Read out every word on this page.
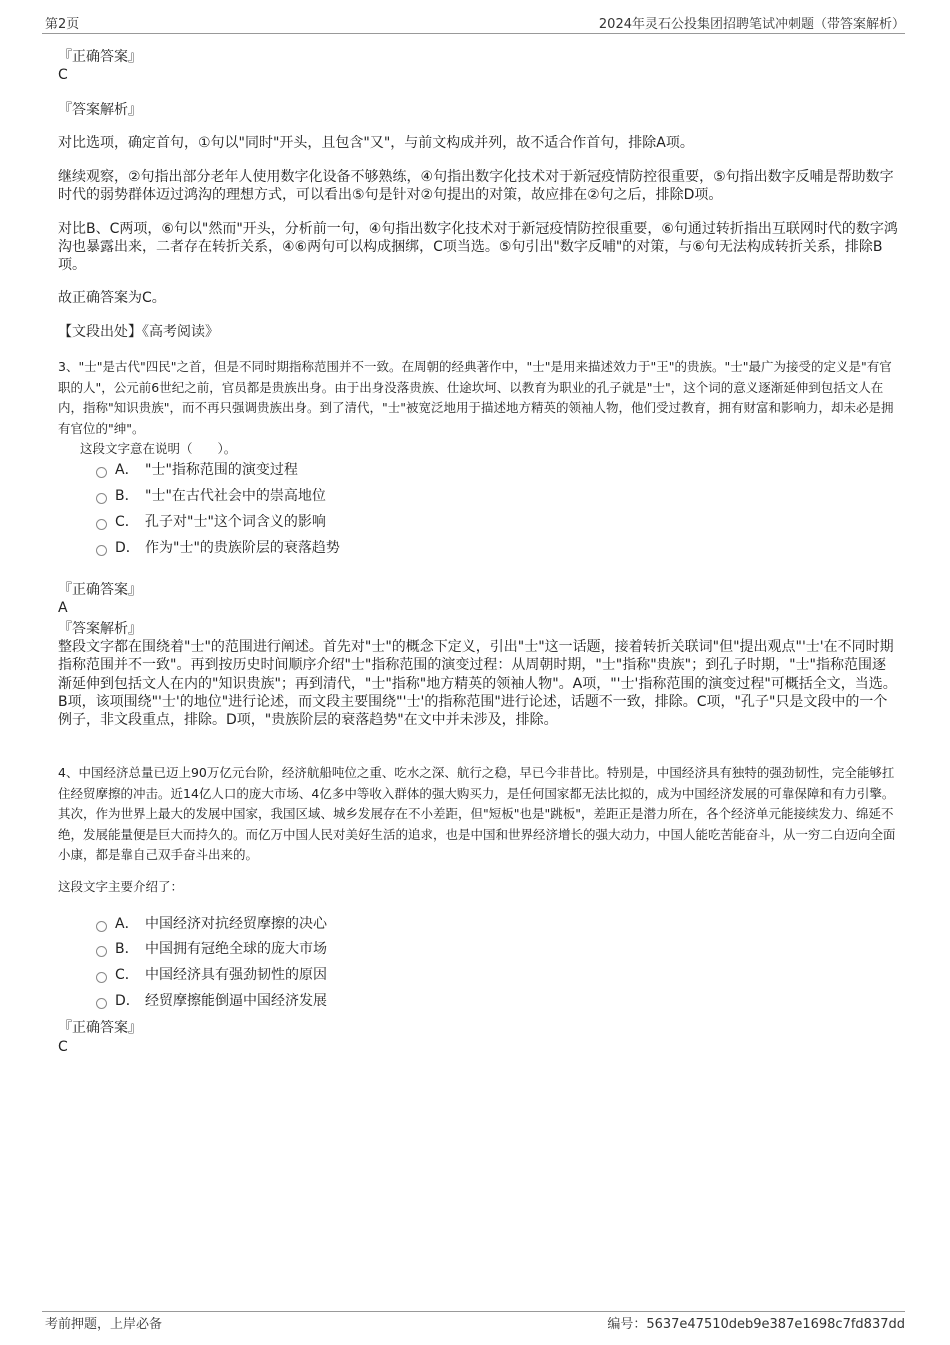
第2页	2024年灵石公投集团招聘笔试冲刺题（带答案解析）
『正确答案』
C
『答案解析』
对比选项，确定首句，①句以"同时"开头，且包含"又"，与前文构成并列，故不适合作首句，排除A项。
继续观察，②句指出部分老年人使用数字化设备不够熟练，④句指出数字化技术对于新冠疫情防控很重要，⑤句指出数字反哺是帮助数字时代的弱势群体迈过鸿沟的理想方式，可以看出⑤句是针对②句提出的对策，故应排在②句之后，排除D项。
对比B、C两项，⑥句以"然而"开头，分析前一句，④句指出数字化技术对于新冠疫情防控很重要，⑥句通过转折指出互联网时代的数字鸿沟也暴露出来，二者存在转折关系，④⑥两句可以构成捆绑，C项当选。⑤句引出"数字反哺"的对策，与⑥句无法构成转折关系，排除B项。
故正确答案为C。
【文段出处】《高考阅读》
3、"士"是古代"四民"之首，但是不同时期指称范围并不一致。在周朝的经典著作中，"士"是用来描述效力于"王"的贵族。"士"最广为接受的定义是"有官职的人"，公元前6世纪之前，官员都是贵族出身。由于出身没落贵族、仕途坎坷、以教育为职业的孔子就是"士"，这个词的意义逐渐延伸到包括文人在内，指称"知识贵族"，而不再只强调贵族出身。到了清代，"士"被宽泛地用于描述地方精英的领袖人物，他们受过教育，拥有财富和影响力，却未必是拥有官位的"绅"。
这段文字意在说明（　　）。
A． "士"指称范围的演变过程
B． "士"在古代社会中的崇高地位
C． 孔子对"士"这个词含义的影响
D． 作为"士"的贵族阶层的衰落趋势
『正确答案』
A
『答案解析』
整段文字都在围绕着"士"的范围进行阐述。首先对"士"的概念下定义，引出"士"这一话题，接着转折关联词"但"提出观点"'士'在不同时期指称范围并不一致"。再到按历史时间顺序介绍"士"指称范围的演变过程：从周朝时期，"士"指称"贵族"；到孔子时期，"士"指称范围逐渐延伸到包括文人在内的"知识贵族"；再到清代，"士"指称"地方精英的领袖人物"。A项，"'士'指称范围的演变过程"可概括全文，当选。B项，该项围绕"'士'的地位"进行论述，而文段主要围绕"'士'的指称范围"进行论述，话题不一致，排除。C项，"孔子"只是文段中的一个例子，非文段重点，排除。D项，"贵族阶层的衰落趋势"在文中并未涉及，排除。
4、中国经济总量已迈上90万亿元台阶，经济航船吨位之重、吃水之深、航行之稳，早已今非昔比。特别是，中国经济具有独特的强劲韧性，完全能够扛住经贸摩擦的冲击。近14亿人口的庞大市场、4亿多中等收入群体的强大购买力，是任何国家都无法比拟的，成为中国经济发展的可靠保障和有力引擎。其次，作为世界上最大的发展中国家，我国区域、城乡发展存在不小差距，但"短板"也是"跳板"，差距正是潜力所在，各个经济单元能接续发力、绵延不绝，发展能量便是巨大而持久的。而亿万中国人民对美好生活的追求，也是中国和世界经济增长的强大动力，中国人能吃苦能奋斗，从一穷二白迈向全面小康，都是靠自己双手奋斗出来的。
这段文字主要介绍了：
A． 中国经济对抗经贸摩擦的决心
B． 中国拥有冠绝全球的庞大市场
C． 中国经济具有强劲韧性的原因
D． 经贸摩擦能倒逼中国经济发展
『正确答案』
C
考前押题，上岸必备	编号：5637e47510deb9e387e1698c7fd837dd
